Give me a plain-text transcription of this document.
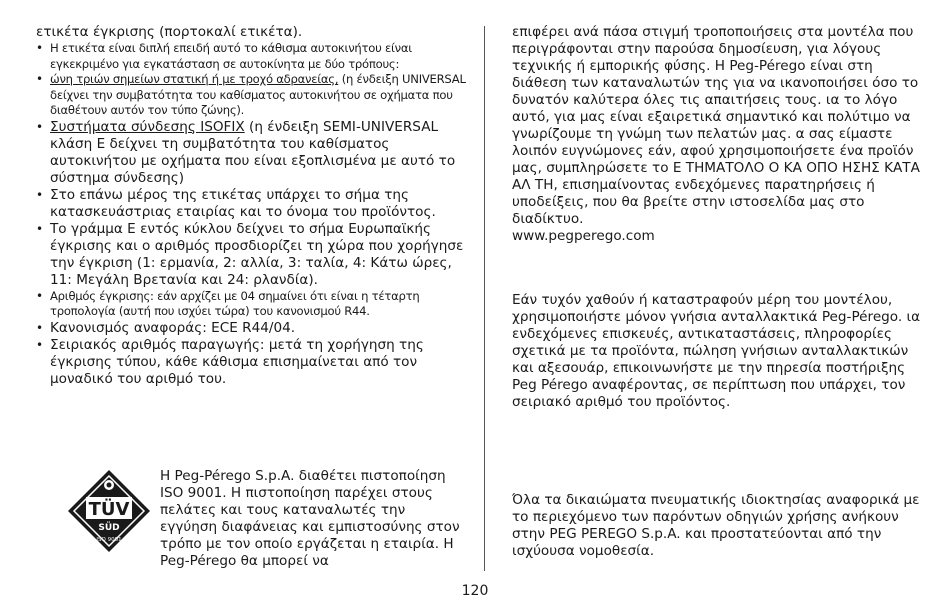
ετικέτα έγκρισης (πορτοκαλί ετικέτα).

• Η ετικέτα είναι διπλή επειδή αυτό το κάθισμα αυτοκινήτου είναι εγκεκριμένο για εγκατάσταση σε αυτοκίνητα με δύο τρόπους:
• ώνη τριών σημείων στατική ή με τροχό αδρανείας, (η ένδειξη UNIVERSAL δείχνει την συμβατότητα του καθίσματος αυτοκινήτου σε οχήματα που διαθέτουν αυτόν τον τύπο ζώνης).
• Συστήματα σύνδεσης ISOFIX (η ένδειξη SEMI-UNIVERSAL κλάση E δείχνει τη συμβατότητα του καθίσματος αυτοκινήτου με οχήματα που είναι εξοπλισμένα με αυτό το σύστημα σύνδεσης)
• Στο επάνω μέρος της ετικέτας υπάρχει το σήμα της κατασκευάστριας εταιρίας και το όνομα του προϊόντος.
• Το γράμμα E εντός κύκλου δείχνει το σήμα Ευρωπαϊκής έγκρισης και ο αριθμός προσδιορίζει τη χώρα που χορήγησε την έγκριση (1: ερμανία, 2: αλλία, 3: ταλία, 4: Κάτω ώρες, 11: Μεγάλη Βρετανία και 24: ρλανδία).
• Αριθμός έγκρισης: εάν αρχίζει με 04 σημαίνει ότι είναι η τέταρτη τροπολογία (αυτή που ισχύει τώρα) του κανονισμού R44.
• Κανονισμός αναφοράς: ECE R44/04.
• Σειριακός αριθμός παραγωγής: μετά τη χορήγηση της έγκρισης τύπου, κάθε κάθισμα επισημαίνεται από τον μοναδικό του αριθμό του.
TÜV
SÜD
ISO 9001

Η Peg-Pérego S.p.A. διαθέτει πιστοποίηση ISO 9001. Η πιστοποίηση παρέχει στους πελάτες και τους καταναλωτές την εγγύηση διαφάνειας και εμπιστοσύνης στον τρόπο με τον οποίο εργάζεται η εταιρία. Η Peg-Pérego θα μπορεί να

επιφέρει ανά πάσα στιγμή τροποποιήσεις στα μοντέλα που περιγράφονται στην παρούσα δημοσίευση, για λόγους τεχνικής ή εμπορικής φύσης. Η Peg-Pérego είναι στη διάθεση των καταναλωτών της για να ικανοποιήσει όσο το δυνατόν καλύτερα όλες τις απαιτήσεις τους. ια το λόγο αυτό, για μας είναι εξαιρετικά σημαντικό και πολύτιμο να γνωρίζουμε τη γνώμη των πελατών μας. α σας είμαστε λοιπόν ευγνώμονες εάν, αφού χρησιμοποιήσετε ένα προϊόν μας, συμπληρώσετε το Ε ΤΗΜΑΤΟΛΟ Ο ΚΑ ΟΠΟ ΗΣΗΣ ΚΑΤΑ ΑΛ ΤΗ, επισημαίνοντας ενδεχόμενες παρατηρήσεις ή υποδείξεις, που θα βρείτε στην ιστοσελίδα μας στο διαδίκτυο.

www.pegperego.com

Εάν τυχόν χαθούν ή καταστραφούν μέρη του μοντέλου, χρησιμοποιήστε μόνον γνήσια ανταλλακτικά Peg-Pérego. ια ενδεχόμενες επισκευές, αντικαταστάσεις, πληροφορίες σχετικά με τα προϊόντα, πώληση γνήσιων ανταλλακτικών και αξεσουάρ, επικοινωνήστε με την πηρεσία ποστήριξης Peg Pérego αναφέροντας, σε περίπτωση που υπάρχει, τον σειριακό αριθμό του προϊόντος.

Όλα τα δικαιώματα πνευματικής ιδιοκτησίας αναφορικά με το περιεχόμενο των παρόντων οδηγιών χρήσης ανήκουν στην PEG PEREGO S.p.A. και προστατεύονται από την ισχύουσα νομοθεσία.

120
